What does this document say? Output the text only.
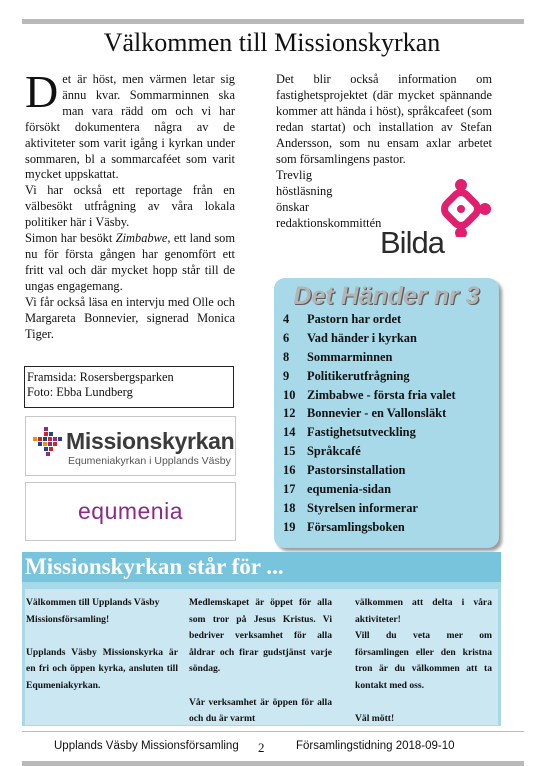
Välkommen till Missionskyrkan

Det är höst, men värmen letar sig ännu kvar. Sommarminnen ska man vara rädd om och vi har försökt dokumentera några av de aktiviteter som varit igång i kyrkan under sommaren, bl a sommarcaféet som varit mycket uppskattat.

Vi har också ett reportage från en välbesökt utfrågning av våra lokala politiker här i Väsby.

Simon har besökt Zimbabwe, ett land som nu för första gången har genomfört ett fritt val och där mycket hopp står till de ungas engagemang.

Vi får också läsa en intervju med Olle och Margareta Bonnevier, signerad Monica Tiger.

Det blir också information om fastighetsprojektet (där mycket spännande kommer att hända i höst), språkcafeet (som redan startat) och installation av Stefan Andersson, som nu ensam axlar arbetet som församlingens pastor.

Trevlig höstläsning önskar redaktionskommittén

Bilda
Framsida: Rosersbergsparken
Foto: Ebba Lundberg
Missionskyrkan
Equmeniakyrkan i Upplands Väsby
equmenia
Det Händer nr 3
4 Pastorn har ordet
6 Vad händer i kyrkan
8 Sommarminnen
9 Politikerutfrågning
10 Zimbabwe - första fria valet
12 Bonnevier - en Vallonsläkt
14 Fastighetsutveckling
15 Språkcafé
16 Pastorsinstallation
17 equmenia-sidan
18 Styrelsen informerar
19 Församlingsboken
Missionskyrkan står för ...

Välkommen till Upplands Väsby Missionsförsamling!

Upplands Väsby Missionskyrka är en fri och öppen kyrka, ansluten till Equmeniakyrkan.

Medlemskapet är öppet för alla som tror på Jesus Kristus. Vi bedriver verksamhet för alla åldrar och firar gudstjänst varje söndag.

Vår verksamhet är öppen för alla och du är varmt

välkommen att delta i våra aktiviteter!

Vill du veta mer om församlingen eller den kristna tron är du välkommen att ta kontakt med oss.

Väl mött!

Upplands Väsby Missionsförsamling 2	Församlingstidning 2018-09-10
